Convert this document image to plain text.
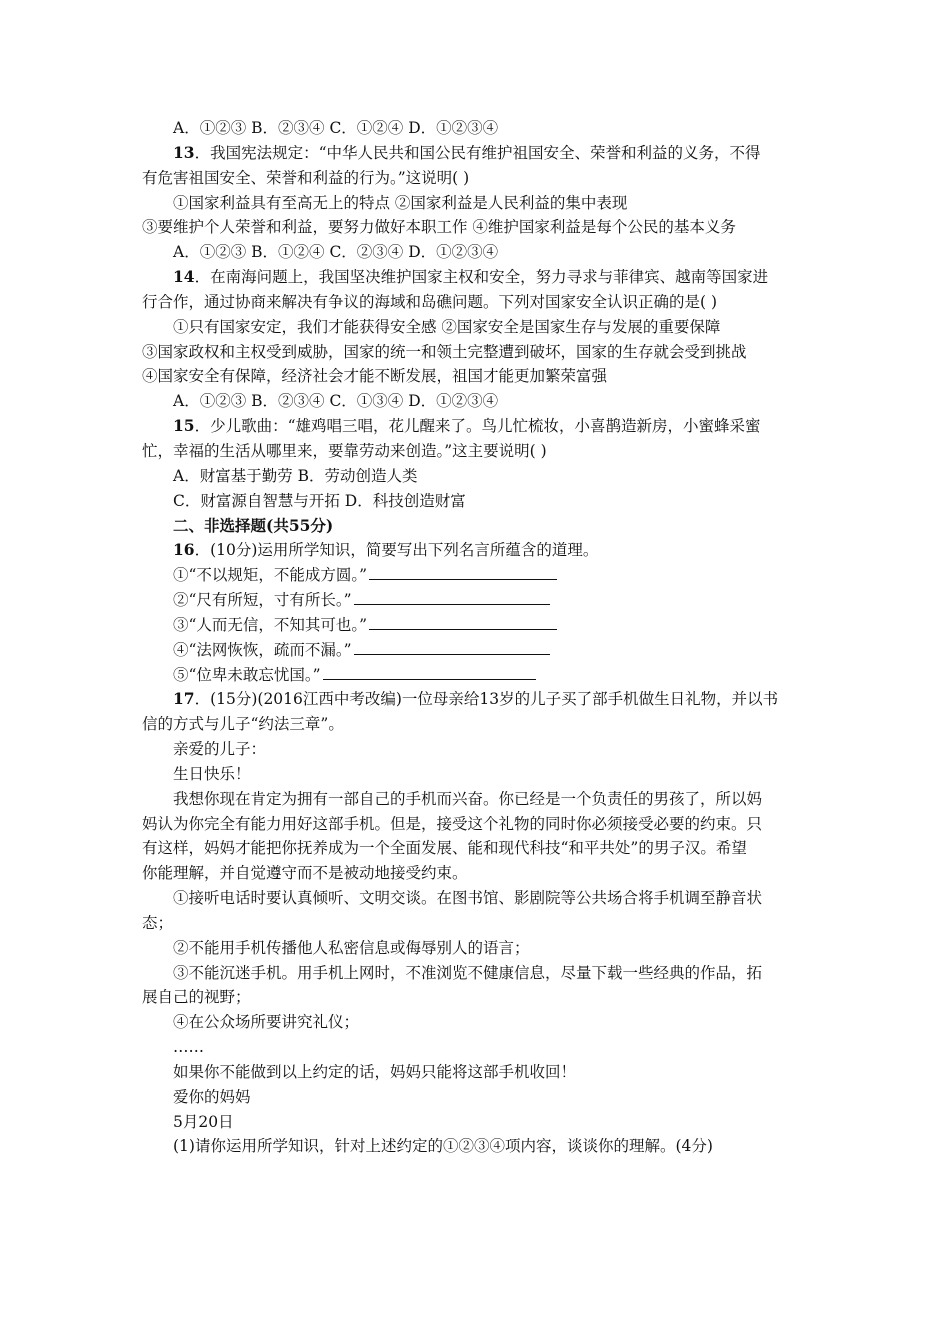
A．①②③ B．②③④ C．①②④ D．①②③④
13．我国宪法规定：“中华人民共和国公民有维护祖国安全、荣誉和利益的义务，不得
有危害祖国安全、荣誉和利益的行为。”这说明( )
①国家利益具有至高无上的特点 ②国家利益是人民利益的集中表现
③要维护个人荣誉和利益，要努力做好本职工作 ④维护国家利益是每个公民的基本义务
A．①②③ B．①②④ C．②③④ D．①②③④
14．在南海问题上，我国坚决维护国家主权和安全，努力寻求与菲律宾、越南等国家进
行合作，通过协商来解决有争议的海域和岛礁问题。下列对国家安全认识正确的是( )
①只有国家安定，我们才能获得安全感 ②国家安全是国家生存与发展的重要保障
③国家政权和主权受到威胁，国家的统一和领土完整遭到破坏，国家的生存就会受到挑战
④国家安全有保障，经济社会才能不断发展，祖国才能更加繁荣富强
A．①②③ B．②③④ C．①③④ D．①②③④
15．少儿歌曲：“雄鸡唱三唱，花儿醒来了。鸟儿忙梳妆，小喜鹊造新房，小蜜蜂采蜜
忙，幸福的生活从哪里来，要靠劳动来创造。”这主要说明( )
A．财富基于勤劳 B．劳动创造人类
C．财富源自智慧与开拓 D．科技创造财富
二、非选择题(共55分)
16．(10分)运用所学知识，简要写出下列名言所蕴含的道理。
①“不以规矩，不能成方圆。”
②“尺有所短，寸有所长。”
③“人而无信，不知其可也。”
④“法网恢恢，疏而不漏。”
⑤“位卑未敢忘忧国。”
17．(15分)(2016江西中考改编)一位母亲给13岁的儿子买了部手机做生日礼物，并以书
信的方式与儿子“约法三章”。
亲爱的儿子：
生日快乐！
我想你现在肯定为拥有一部自己的手机而兴奋。你已经是一个负责任的男孩了，所以妈
妈认为你完全有能力用好这部手机。但是，接受这个礼物的同时你必须接受必要的约束。只
有这样，妈妈才能把你抚养成为一个全面发展、能和现代科技“和平共处”的男子汉。希望
你能理解，并自觉遵守而不是被动地接受约束。
①接听电话时要认真倾听、文明交谈。在图书馆、影剧院等公共场合将手机调至静音状
态；
②不能用手机传播他人私密信息或侮辱别人的语言；
③不能沉迷手机。用手机上网时，不准浏览不健康信息，尽量下载一些经典的作品，拓
展自己的视野；
④在公众场所要讲究礼仪；
……
如果你不能做到以上约定的话，妈妈只能将这部手机收回！
爱你的妈妈
5月20日
(1)请你运用所学知识，针对上述约定的①②③④项内容，谈谈你的理解。(4分)
